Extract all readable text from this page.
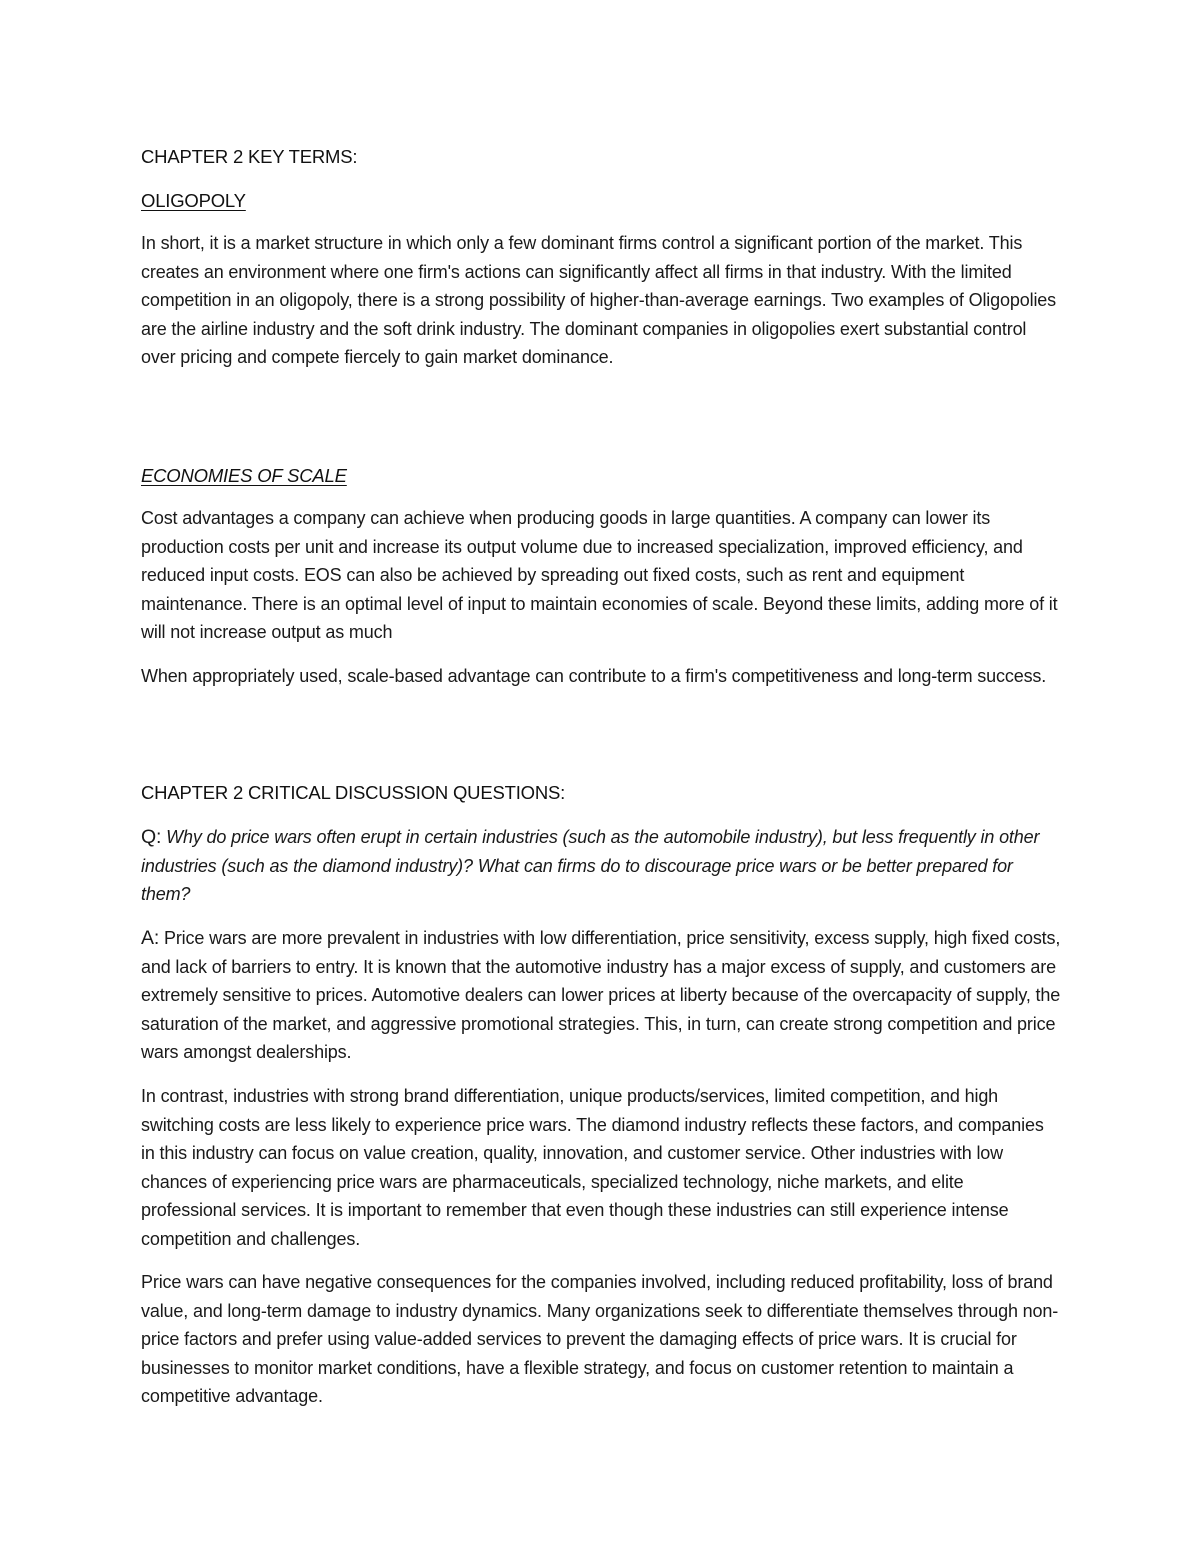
CHAPTER 2 KEY TERMS:
OLIGOPOLY

In short, it is a market structure in which only a few dominant firms control a significant portion of the market. This creates an environment where one firm's actions can significantly affect all firms in that industry. With the limited competition in an oligopoly, there is a strong possibility of higher-than-average earnings. Two examples of Oligopolies are the airline industry and the soft drink industry. The dominant companies in oligopolies exert substantial control over pricing and compete fiercely to gain market dominance.

ECONOMIES OF SCALE

Cost advantages a company can achieve when producing goods in large quantities. A company can lower its production costs per unit and increase its output volume due to increased specialization, improved efficiency, and reduced input costs. EOS can also be achieved by spreading out fixed costs, such as rent and equipment maintenance. There is an optimal level of input to maintain economies of scale. Beyond these limits, adding more of it will not increase output as much

When appropriately used, scale-based advantage can contribute to a firm's competitiveness and long-term success.

CHAPTER 2 CRITICAL DISCUSSION QUESTIONS:

Q: Why do price wars often erupt in certain industries (such as the automobile industry), but less frequently in other industries (such as the diamond industry)? What can firms do to discourage price wars or be better prepared for them?

A: Price wars are more prevalent in industries with low differentiation, price sensitivity, excess supply, high fixed costs, and lack of barriers to entry. It is known that the automotive industry has a major excess of supply, and customers are extremely sensitive to prices. Automotive dealers can lower prices at liberty because of the overcapacity of supply, the saturation of the market, and aggressive promotional strategies. This, in turn, can create strong competition and price wars amongst dealerships.

In contrast, industries with strong brand differentiation, unique products/services, limited competition, and high switching costs are less likely to experience price wars. The diamond industry reflects these factors, and companies in this industry can focus on value creation, quality, innovation, and customer service. Other industries with low chances of experiencing price wars are pharmaceuticals, specialized technology, niche markets, and elite professional services. It is important to remember that even though these industries can still experience intense competition and challenges.

Price wars can have negative consequences for the companies involved, including reduced profitability, loss of brand value, and long-term damage to industry dynamics. Many organizations seek to differentiate themselves through non-price factors and prefer using value-added services to prevent the damaging effects of price wars. It is crucial for businesses to monitor market conditions, have a flexible strategy, and focus on customer retention to maintain a competitive advantage.
